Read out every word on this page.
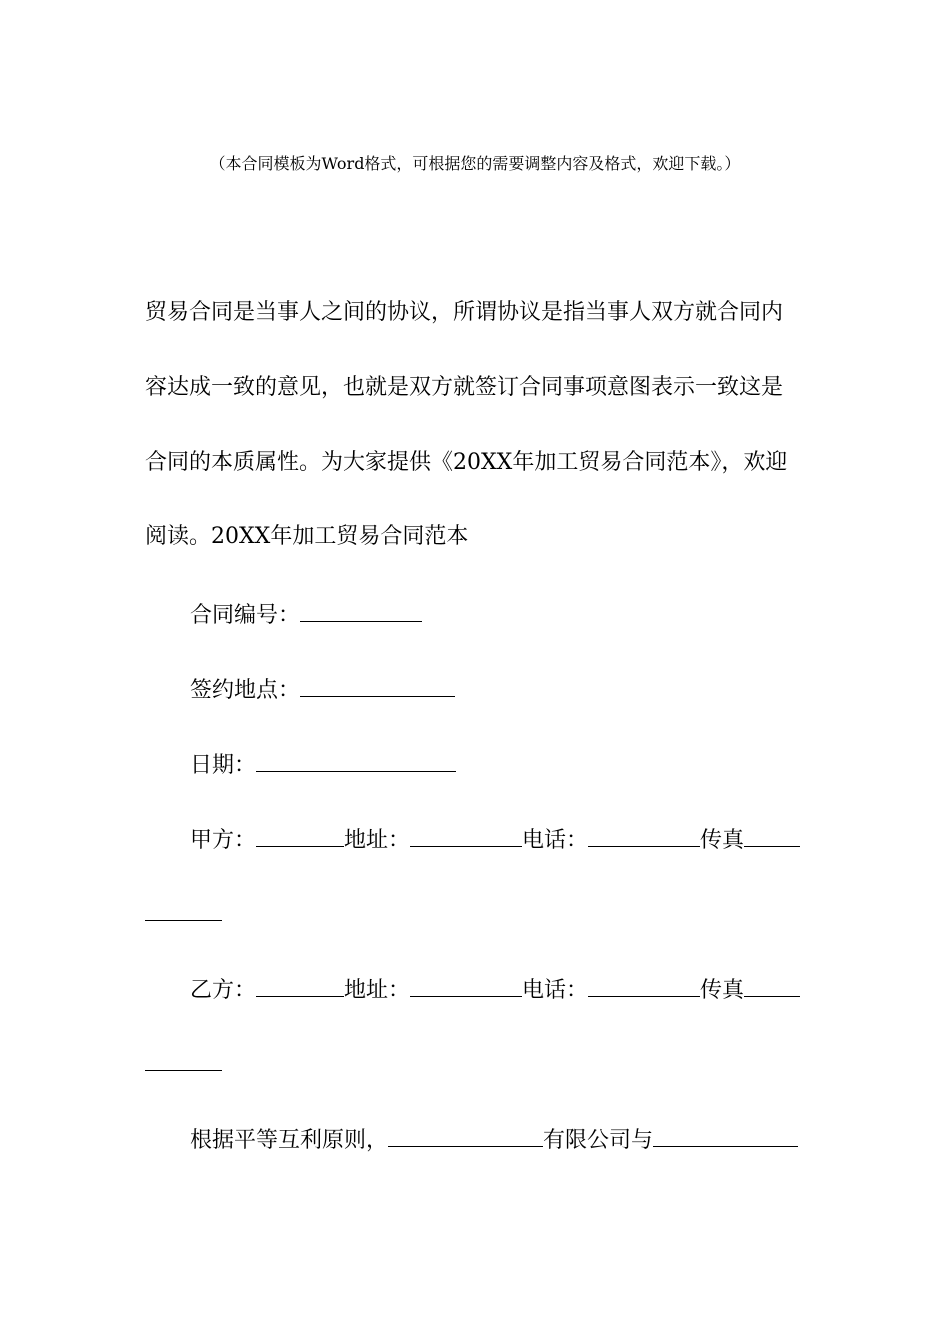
（本合同模板为Word格式，可根据您的需要调整内容及格式，欢迎下载。）
贸易合同是当事人之间的协议，所谓协议是指当事人双方就合同内
容达成一致的意见，也就是双方就签订合同事项意图表示一致这是
合同的本质属性。为大家提供《20XX年加工贸易合同范本》，欢迎
阅读。20XX年加工贸易合同范本
合同编号：
签约地点：
日期：
甲方：	地址：	电话：	传真
乙方：	地址：	电话：	传真
根据平等互利原则，	有限公司与
